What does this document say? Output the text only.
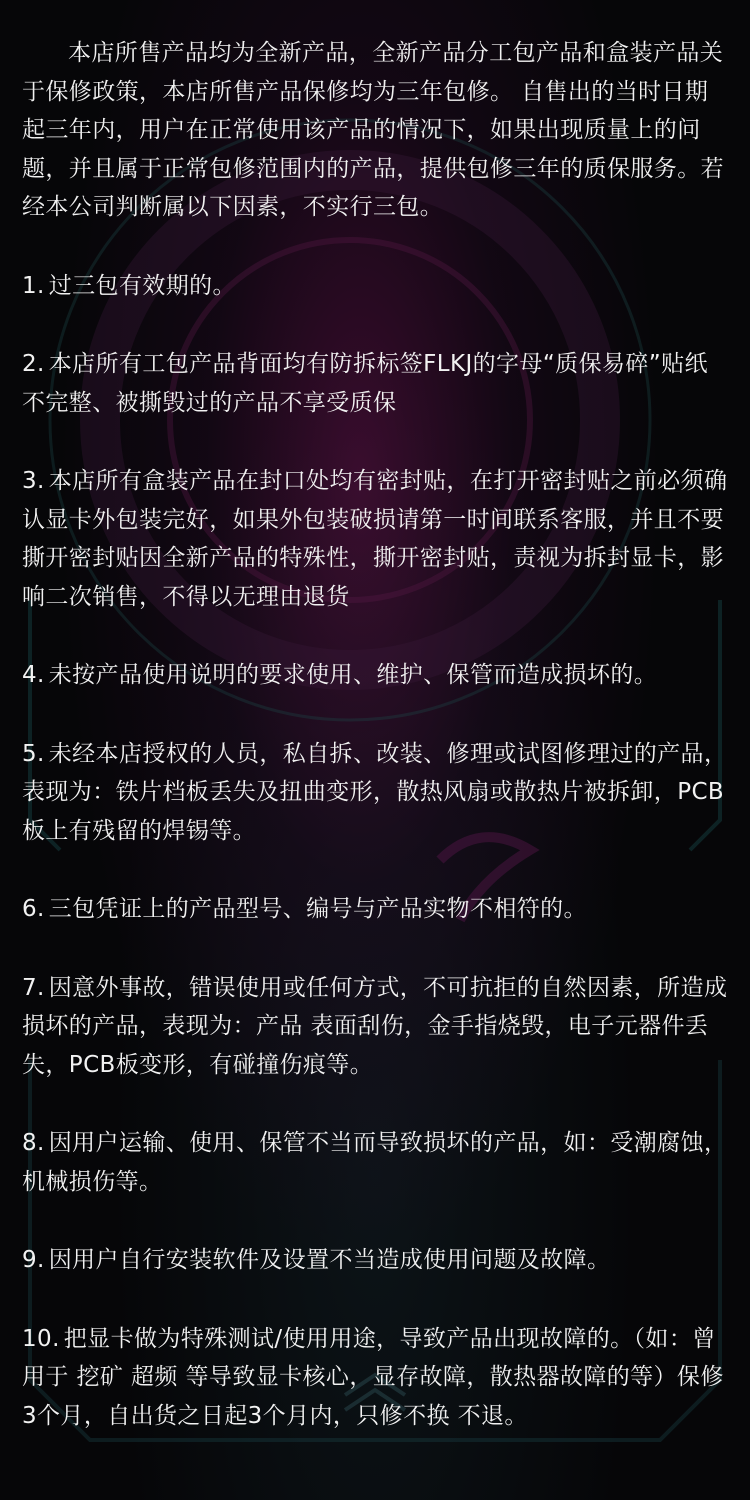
本店所售产品均为全新产品，全新产品分工包产品和盒装产品关于保修政策，本店所售产品保修均为三年包修。 自售出的当时日期起三年内，用户在正常使用该产品的情况下，如果出现质量上的问题，并且属于正常包修范围内的产品，提供包修三年的质保服务。若经本公司判断属以下因素，不实行三包。

1. 过三包有效期的。
2. 本店所有工包产品背面均有防拆标签FLKJ的字母“质保易碎”贴纸不完整、被撕毁过的产品不享受质保
3. 本店所有盒装产品在封口处均有密封贴，在打开密封贴之前必须确认显卡外包装完好，如果外包装破损请第一时间联系客服，并且不要撕开密封贴因全新产品的特殊性，撕开密封贴，责视为拆封显卡，影响二次销售，不得以无理由退货
4. 未按产品使用说明的要求使用、维护、保管而造成损坏的。
5. 未经本店授权的人员，私自拆、改装、修理或试图修理过的产品，表现为：铁片档板丢失及扭曲变形，散热风扇或散热片被拆卸，PCB板上有残留的焊锡等。
6. 三包凭证上的产品型号、编号与产品实物不相符的。
7. 因意外事故，错误使用或任何方式，不可抗拒的自然因素，所造成损坏的产品，表现为：产品 表面刮伤，金手指烧毁，电子元器件丢失，PCB板变形，有碰撞伤痕等。
8. 因用户运输、使用、保管不当而导致损坏的产品，如：受潮腐蚀，机械损伤等。
9. 因用户自行安装软件及设置不当造成使用问题及故障。
10. 把显卡做为特殊测试/使用用途，导致产品出现故障的。（如：曾用于 挖矿 超频 等导致显卡核心，显存故障，散热器故障的等）保修3个月，自出货之日起3个月内，只修不换 不退。
